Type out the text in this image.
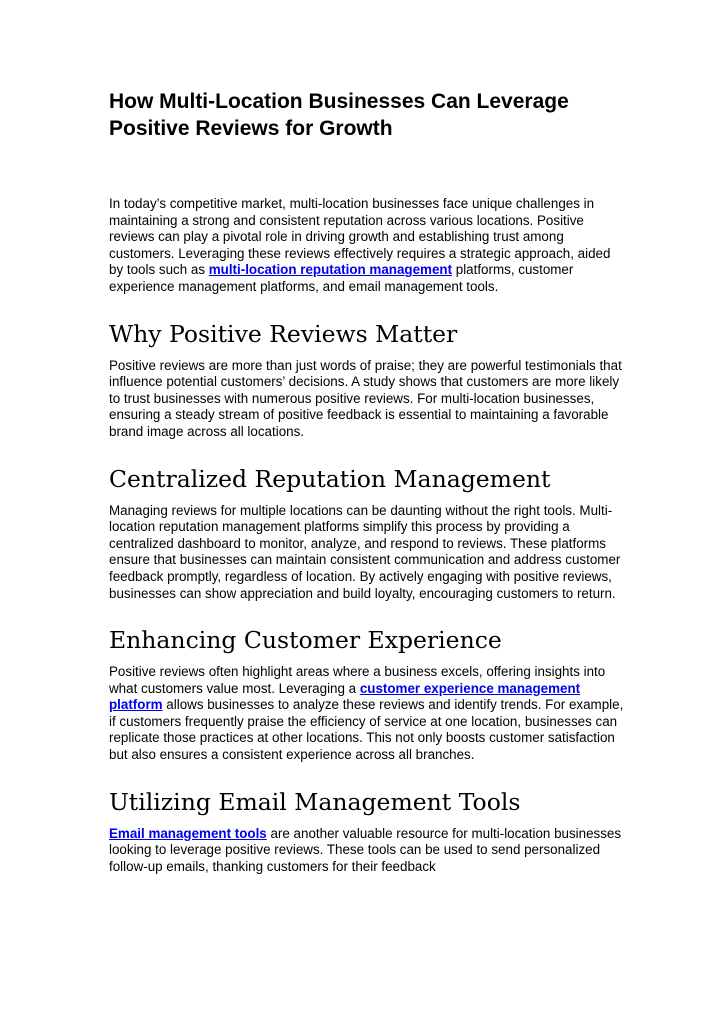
How Multi-Location Businesses Can Leverage Positive Reviews for Growth

In today’s competitive market, multi-location businesses face unique challenges in maintaining a strong and consistent reputation across various locations. Positive reviews can play a pivotal role in driving growth and establishing trust among customers. Leveraging these reviews effectively requires a strategic approach, aided by tools such as multi-location reputation management platforms, customer experience management platforms, and email management tools.

Why Positive Reviews Matter

Positive reviews are more than just words of praise; they are powerful testimonials that influence potential customers’ decisions. A study shows that customers are more likely to trust businesses with numerous positive reviews. For multi-location businesses, ensuring a steady stream of positive feedback is essential to maintaining a favorable brand image across all locations.

Centralized Reputation Management

Managing reviews for multiple locations can be daunting without the right tools. Multi-location reputation management platforms simplify this process by providing a centralized dashboard to monitor, analyze, and respond to reviews. These platforms ensure that businesses can maintain consistent communication and address customer feedback promptly, regardless of location. By actively engaging with positive reviews, businesses can show appreciation and build loyalty, encouraging customers to return.

Enhancing Customer Experience

Positive reviews often highlight areas where a business excels, offering insights into what customers value most. Leveraging a customer experience management platform allows businesses to analyze these reviews and identify trends. For example, if customers frequently praise the efficiency of service at one location, businesses can replicate those practices at other locations. This not only boosts customer satisfaction but also ensures a consistent experience across all branches.

Utilizing Email Management Tools

Email management tools are another valuable resource for multi-location businesses looking to leverage positive reviews. These tools can be used to send personalized follow-up emails, thanking customers for their feedback
